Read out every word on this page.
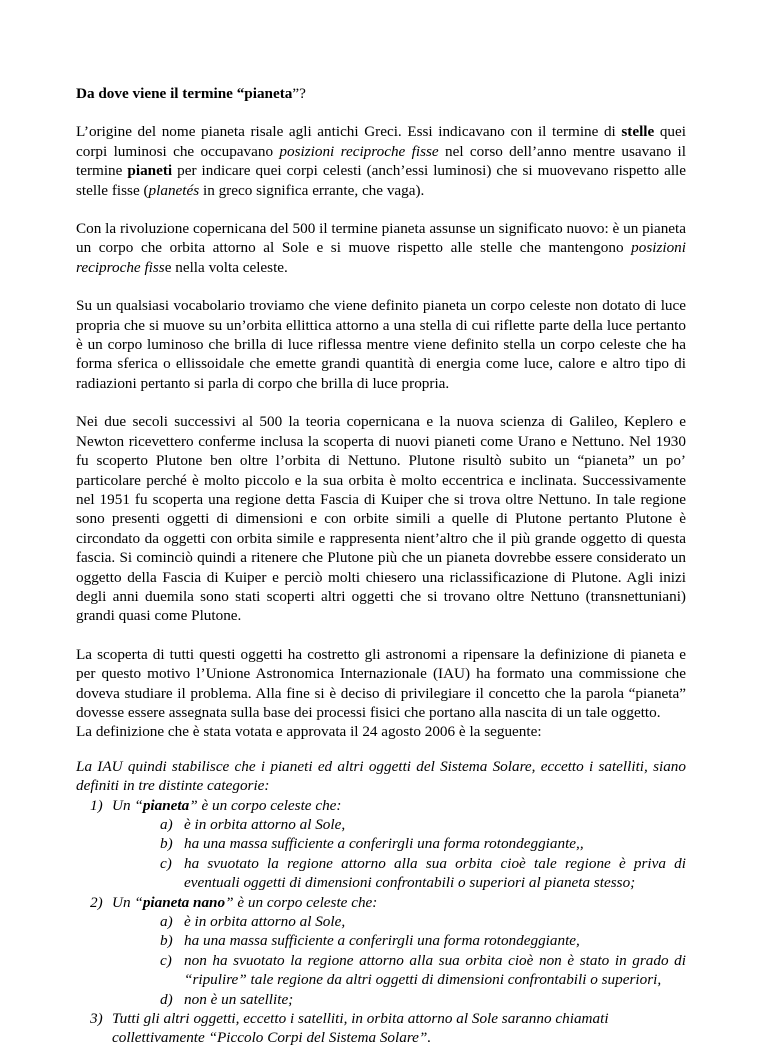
Da dove viene il termine “pianeta”?

L’origine del nome pianeta risale agli antichi Greci. Essi indicavano con il termine di stelle quei corpi luminosi che occupavano posizioni reciproche fisse nel corso dell’anno mentre usavano il termine pianeti per indicare quei corpi celesti (anch’essi luminosi) che si muovevano rispetto alle stelle fisse (planetés in greco significa errante, che vaga).

Con la rivoluzione copernicana del 500 il termine pianeta assunse un significato nuovo: è un pianeta un corpo che orbita attorno al Sole e si muove rispetto alle stelle che mantengono posizioni reciproche fisse nella volta celeste.

Su un qualsiasi vocabolario troviamo che viene definito pianeta un corpo celeste non dotato di luce propria che si muove su un’orbita ellittica attorno a una stella di cui riflette parte della luce pertanto è un corpo luminoso che brilla di luce riflessa mentre viene definito stella un corpo celeste che ha forma sferica o ellissoidale che emette grandi quantità di energia come luce, calore e altro tipo di radiazioni pertanto si parla di corpo che brilla di luce propria.

Nei due secoli successivi al 500 la teoria copernicana e la nuova scienza di Galileo, Keplero e Newton ricevettero conferme inclusa la scoperta di nuovi pianeti come Urano e Nettuno. Nel 1930 fu scoperto Plutone ben oltre l’orbita di Nettuno. Plutone risultò subito un “pianeta” un po’ particolare perché è molto piccolo e la sua orbita è molto eccentrica e inclinata. Successivamente nel 1951 fu scoperta una regione detta Fascia di Kuiper che si trova oltre Nettuno. In tale regione sono presenti oggetti di dimensioni e con orbite simili a quelle di Plutone pertanto Plutone è circondato da oggetti con orbita simile e rappresenta nient’altro che il più grande oggetto di questa fascia. Si cominciò quindi a ritenere che Plutone più che un pianeta dovrebbe essere considerato un oggetto della Fascia di Kuiper e perciò molti chiesero una riclassificazione di Plutone. Agli inizi degli anni duemila sono stati scoperti altri oggetti che si trovano oltre Nettuno (transnettuniani) grandi quasi come Plutone.

La scoperta di tutti questi oggetti ha costretto gli astronomi a ripensare la definizione di pianeta e per questo motivo l’Unione Astronomica Internazionale (IAU) ha formato una commissione che doveva studiare il problema. Alla fine si è deciso di privilegiare il concetto che la parola “pianeta” dovesse essere assegnata sulla base dei processi fisici che portano alla nascita di un tale oggetto.

La definizione che è stata votata e approvata il 24 agosto 2006 è la seguente:

La IAU quindi stabilisce che i pianeti ed altri oggetti del Sistema Solare, eccetto i satelliti, siano definiti in tre distinte categorie:

1) Un “pianeta” è un corpo celeste che:
a) è in orbita attorno al Sole,
b) ha una massa sufficiente a conferirgli una forma rotondeggiante,,
c) ha svuotato la regione attorno alla sua orbita cioè tale regione è priva di eventuali oggetti di dimensioni confrontabili o superiori al pianeta stesso;
2) Un “pianeta nano” è un corpo celeste che:
a) è in orbita attorno al Sole,
b) ha una massa sufficiente a conferirgli una forma rotondeggiante,
c) non ha svuotato la regione attorno alla sua orbita cioè non è stato in grado di “ripulire” tale regione da altri oggetti di dimensioni confrontabili o superiori,
d) non è un satellite;
3) Tutti gli altri oggetti, eccetto i satelliti, in orbita attorno al Sole saranno chiamati collettivamente “Piccolo Corpi del Sistema Solare”.
